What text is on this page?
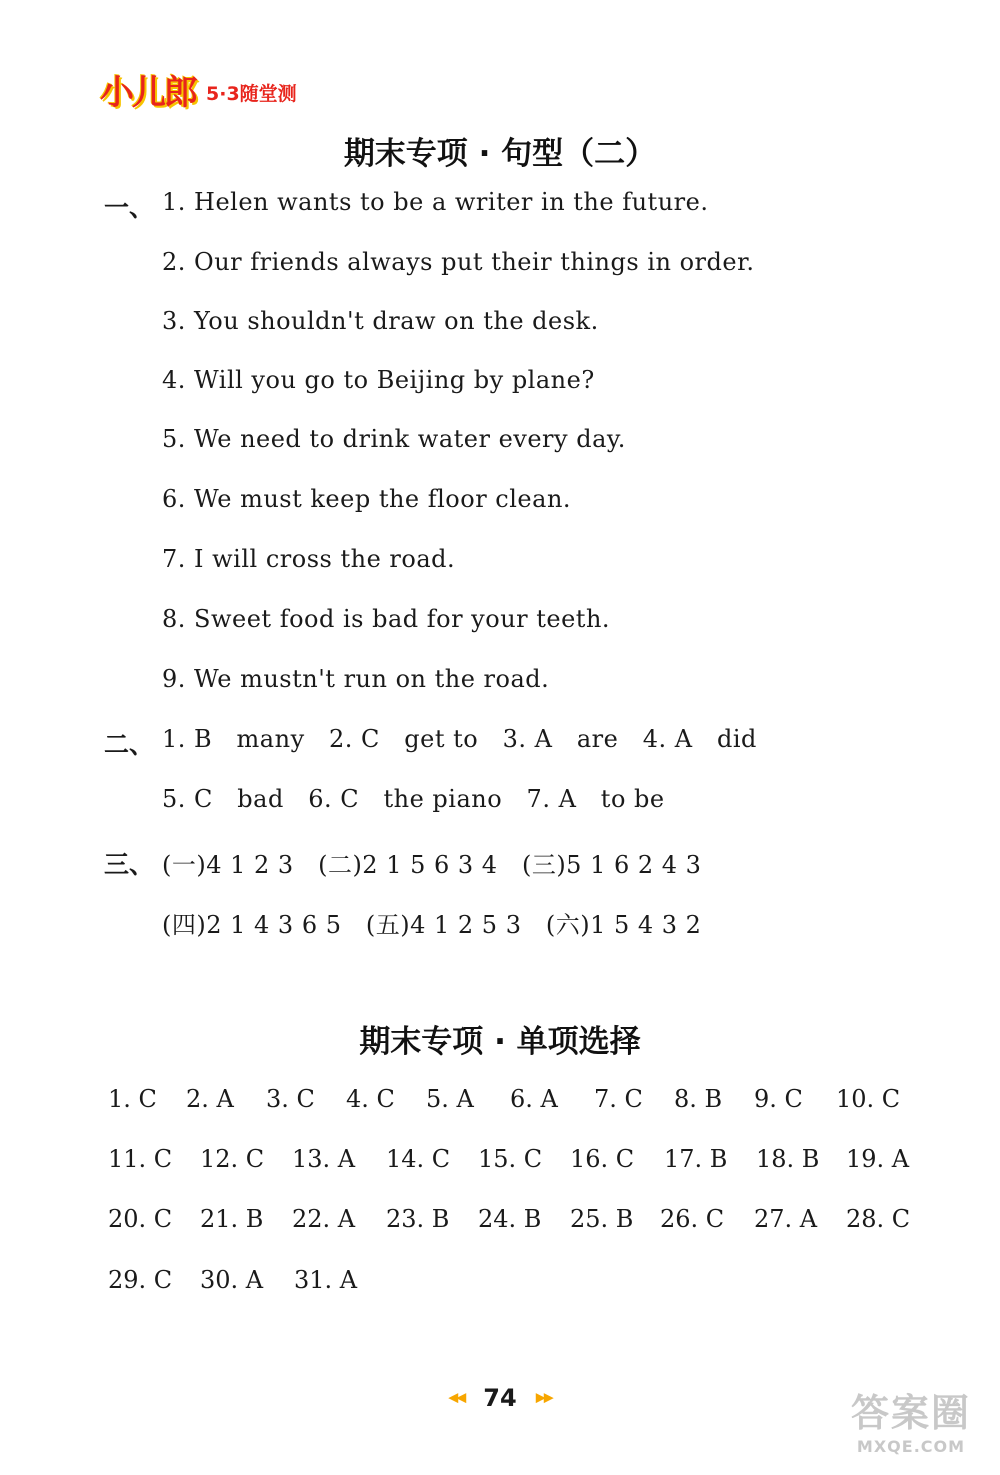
小儿郎 5·3随堂测
期末专项 · 句型（二）
一、 1. Helen wants to be a writer in the future.
2. Our friends always put their things in order.
3. You shouldn't draw on the desk.
4. Will you go to Beijing by plane?
5. We need to drink water every day.
6. We must keep the floor clean.
7. I will cross the road.
8. Sweet food is bad for your teeth.
9. We mustn't run on the road.
二、 1. B   many   2. C   get to   3. A   are   4. A   did
5. C   bad   6. C   the piano   7. A   to be
三、 (一)4 1 2 3   (二)2 1 5 6 3 4   (三)5 1 6 2 4 3
(四)2 1 4 3 6 5   (五)4 1 2 5 3   (六)1 5 4 3 2
期末专项 · 单项选择
1. C 2. A 3. C 4. C 5. A 6. A 7. C 8. B 9. C 10. C
11. C 12. C 13. A 14. C 15. C 16. C 17. B 18. B 19. A
20. C 21. B 22. A 23. B 24. B 25. B 26. C 27. A 28. C
29. C 30. A 31. A
◀◀ 74 ▶▶	答案圈
MXQE.COM
